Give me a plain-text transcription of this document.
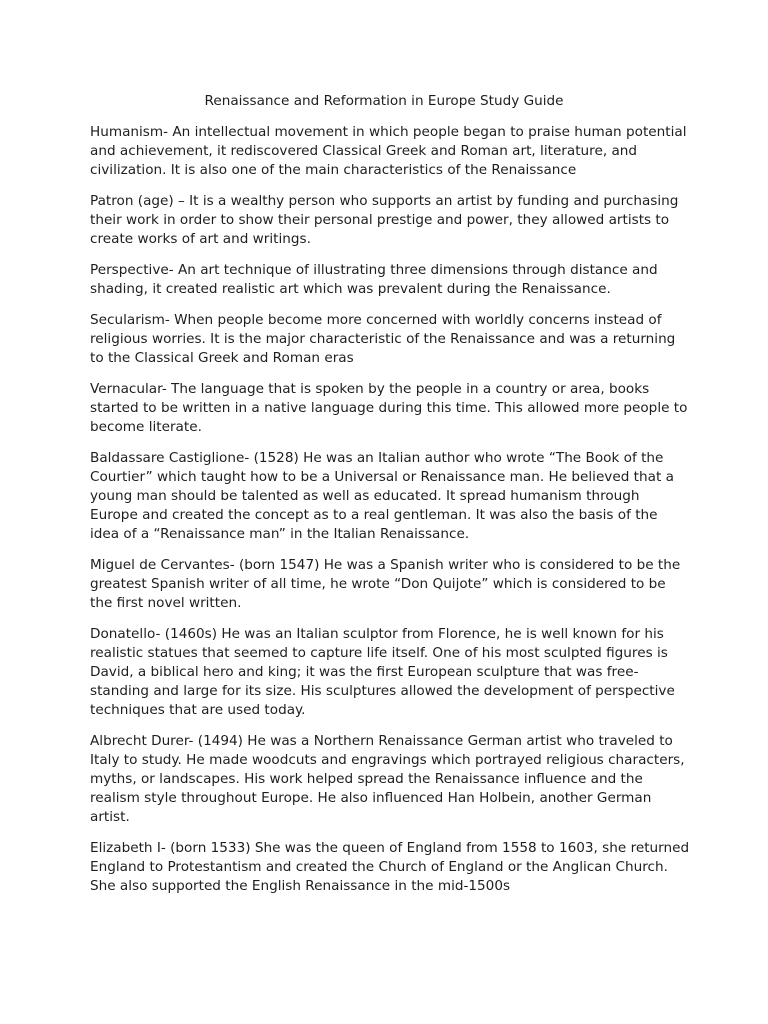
Renaissance and Reformation in Europe Study Guide

Humanism- An intellectual movement in which people began to praise human potential and achievement, it rediscovered Classical Greek and Roman art, literature, and civilization. It is also one of the main characteristics of the Renaissance

Patron (age) – It is a wealthy person who supports an artist by funding and purchasing their work in order to show their personal prestige and power, they allowed artists to create works of art and writings.

Perspective- An art technique of illustrating three dimensions through distance and shading, it created realistic art which was prevalent during the Renaissance.

Secularism- When people become more concerned with worldly concerns instead of religious worries. It is the major characteristic of the Renaissance and was a returning to the Classical Greek and Roman eras

Vernacular- The language that is spoken by the people in a country or area, books started to be written in a native language during this time. This allowed more people to become literate.

Baldassare Castiglione- (1528) He was an Italian author who wrote “The Book of the Courtier” which taught how to be a Universal or Renaissance man. He believed that a young man should be talented as well as educated. It spread humanism through Europe and created the concept as to a real gentleman. It was also the basis of the idea of a “Renaissance man” in the Italian Renaissance.

Miguel de Cervantes- (born 1547) He was a Spanish writer who is considered to be the greatest Spanish writer of all time, he wrote “Don Quijote” which is considered to be the first novel written.

Donatello- (1460s) He was an Italian sculptor from Florence, he is well known for his realistic statues that seemed to capture life itself. One of his most sculpted figures is David, a biblical hero and king; it was the first European sculpture that was free-standing and large for its size. His sculptures allowed the development of perspective techniques that are used today.

Albrecht Durer- (1494) He was a Northern Renaissance German artist who traveled to Italy to study. He made woodcuts and engravings which portrayed religious characters, myths, or landscapes. His work helped spread the Renaissance influence and the realism style throughout Europe. He also influenced Han Holbein, another German artist.

Elizabeth I- (born 1533) She was the queen of England from 1558 to 1603, she returned England to Protestantism and created the Church of England or the Anglican Church. She also supported the English Renaissance in the mid-1500s
